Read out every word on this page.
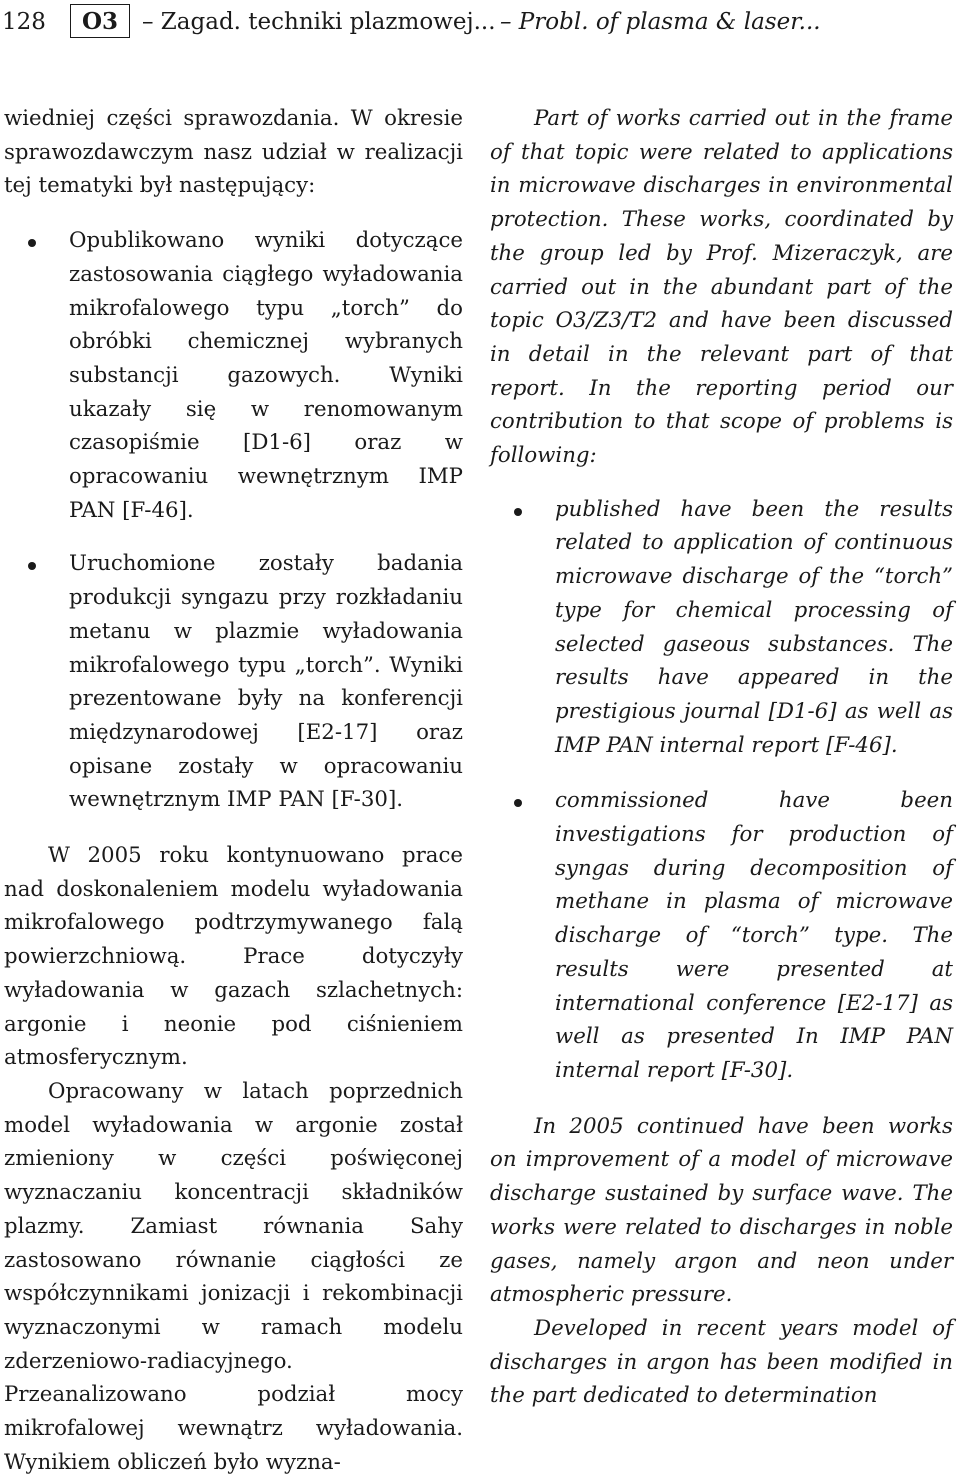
128	O3	– Zagad. techniki plazmowej... – Probl. of plasma & laser...

wiedniej części sprawozdania. W okresie sprawozdawczym nasz udział w realizacji tej tematyki był następujący:

Opublikowano wyniki dotyczące zastosowania ciągłego wyładowania mikrofalowego typu „torch” do obróbki chemicznej wybranych substancji gazowych. Wyniki ukazały się w renomowanym czasopiśmie [D1-6] oraz w opracowaniu wewnętrznym IMP PAN [F-46].
Uruchomione zostały badania produkcji syngazu przy rozkładaniu metanu w plazmie wyładowania mikrofalowego typu „torch”. Wyniki prezentowane były na konferencji międzynarodowej [E2-17] oraz opisane zostały w opracowaniu wewnętrznym IMP PAN [F-30].

W 2005 roku kontynuowano prace nad doskonaleniem modelu wyładowania mikrofalowego podtrzymywanego falą powierzchniową. Prace dotyczyły wyładowania w gazach szlachetnych: argonie i neonie pod ciśnieniem atmosferycznym.

Opracowany w latach poprzednich model wyładowania w argonie został zmieniony w części poświęconej wyznaczaniu koncentracji składników plazmy. Zamiast równania Sahy zastosowano równanie ciągłości ze współczynnikami jonizacji i rekombinacji wyznaczonymi w ramach modelu zderzeniowo-radiacyjnego. Przeanalizowano podział mocy mikrofalowej wewnątrz wyładowania. Wynikiem obliczeń było wyzna-

Part of works carried out in the frame of that topic were related to applications in microwave discharges in environmental protection. These works, coordinated by the group led by Prof. Mizeraczyk, are carried out in the abundant part of the topic O3/Z3/T2 and have been discussed in detail in the relevant part of that report. In the reporting period our contribution to that scope of problems is following:

published have been the results related to application of continuous microwave discharge of the “torch” type for chemical processing of selected gaseous substances. The results have appeared in the prestigious journal [D1-6] as well as IMP PAN internal report [F-46].
commissioned have been investigations for production of syngas during decomposition of methane in plasma of microwave discharge of “torch” type. The results were presented at international conference [E2-17] as well as presented In IMP PAN internal report [F-30].

In 2005 continued have been works on improvement of a model of microwave discharge sustained by surface wave. The works were related to discharges in noble gases, namely argon and neon under atmospheric pressure.

Developed in recent years model of discharges in argon has been modified in the part dedicated to determination
